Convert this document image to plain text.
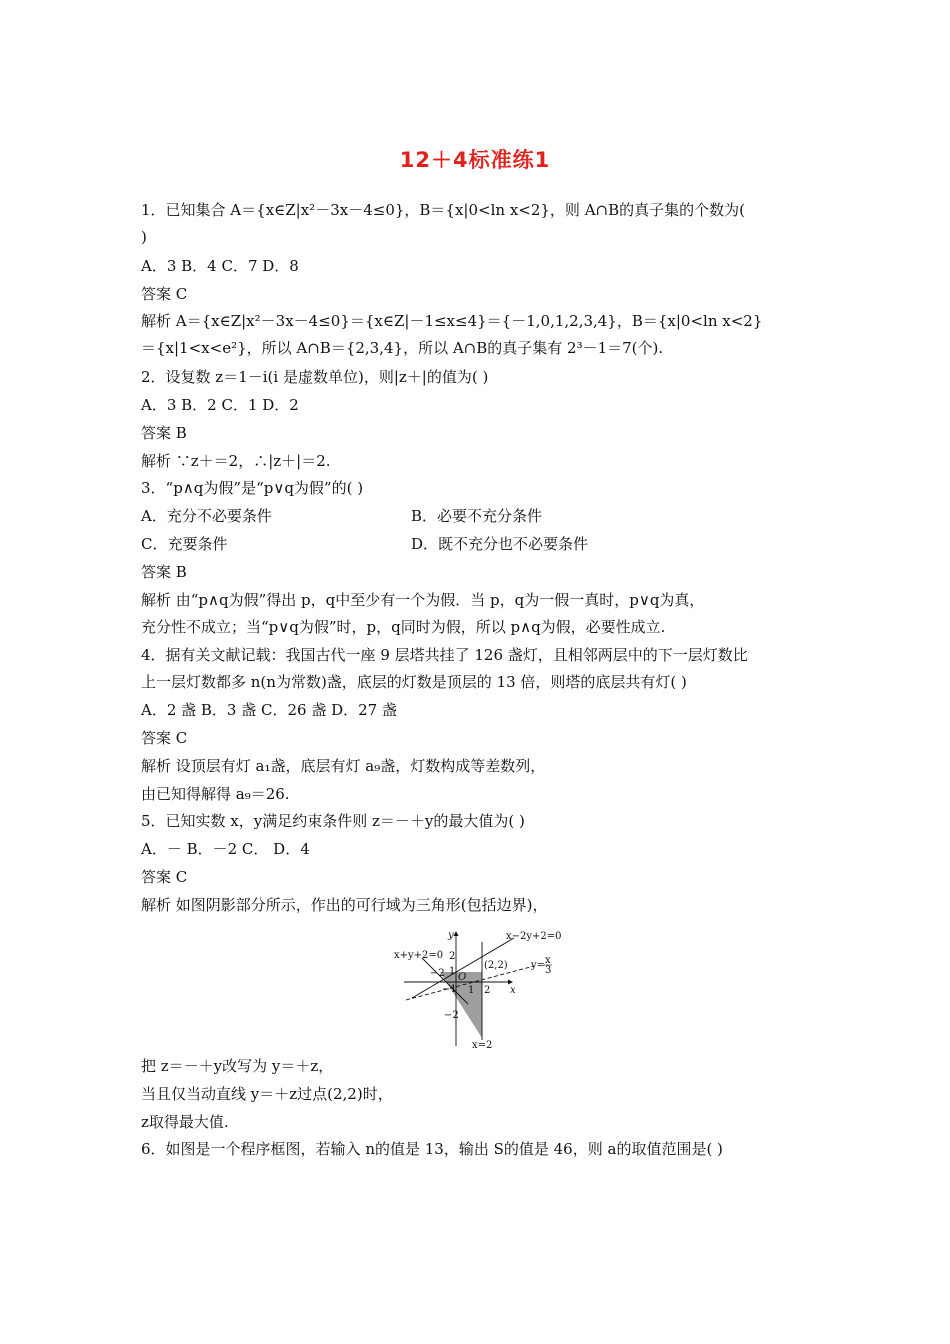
12＋4标准练1
1．已知集合 A＝{x∈Z|x²－3x－4≤0}，B＝{x|0<ln x<2}，则 A∩B的真子集的个数为(
)
A．3 B．4 C．7 D．8
答案 C
解析 A＝{x∈Z|x²－3x－4≤0}＝{x∈Z|－1≤x≤4}＝{－1,0,1,2,3,4}，B＝{x|0<ln x<2}
＝{x|1<x<e²}，所以 A∩B＝{2,3,4}，所以 A∩B的真子集有 2³－1＝7(个).
2．设复数 z＝1－i(i 是虚数单位)，则|z＋|的值为( )
A．3 B．2 C．1 D．2
答案 B
解析 ∵z＋＝2，∴|z＋|＝2.
3．“p∧q为假”是“p∨q为假”的( )
A．充分不必要条件	B．必要不充分条件
C．充要条件	D．既不充分也不必要条件
答案 B
解析 由“p∧q为假”得出 p，q中至少有一个为假．当 p，q为一假一真时，p∨q为真，
充分性不成立；当“p∨q为假”时，p，q同时为假，所以 p∧q为假，必要性成立.
4．据有关文献记载：我国古代一座 9 层塔共挂了 126 盏灯，且相邻两层中的下一层灯数比
上一层灯数都多 n(n为常数)盏，底层的灯数是顶层的 13 倍，则塔的底层共有灯( )
A．2 盏 B．3 盏 C．26 盏 D．27 盏
答案 C
解析 设顶层有灯 a₁盏，底层有灯 a₉盏，灯数构成等差数列，
由已知得解得 a₉＝26.
5．已知实数 x，y满足约束条件则 z＝－＋y的最大值为( )
A．－ B．－2 C． D．4
答案 C
解析 如图阴影部分所示，作出的可行域为三角形(包括边界)，
x+y+2=0
x−2y+2=0
y= x
3
(2,2)
x=2
y
x
O
2
1
−2
−2
−1 1 2
把 z＝－＋y改写为 y＝＋z，
当且仅当动直线 y＝＋z过点(2,2)时，
z取得最大值.
6．如图是一个程序框图，若输入 n的值是 13，输出 S的值是 46，则 a的取值范围是( )
